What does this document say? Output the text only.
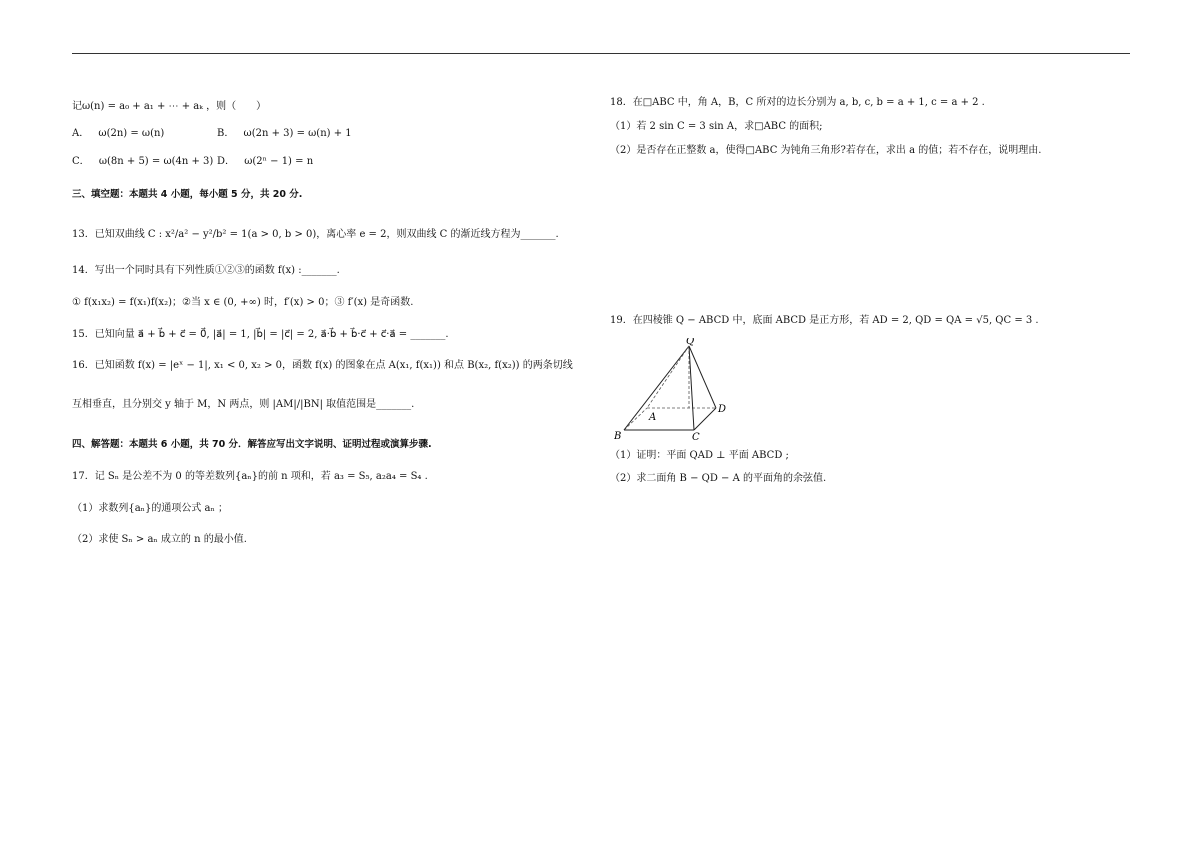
记ω(n) = a₀ + a₁ + ⋯ + aₖ ，则（　　）
A． ω(2n) = ω(n)	B． ω(2n + 3) = ω(n) + 1
C． ω(8n + 5) = ω(4n + 3) D． ω(2ⁿ − 1) = n
三、填空题：本题共 4 小题，每小题 5 分，共 20 分.
13．已知双曲线 C : x²/a² − y²/b² = 1(a > 0, b > 0)，离心率 e = 2，则双曲线 C 的渐近线方程为_______.
14．写出一个同时具有下列性质①②③的函数 f(x) :_______.
① f(x₁x₂) = f(x₁)f(x₂)；②当 x ∈ (0, +∞) 时，f′(x) > 0；③ f′(x) 是奇函数.
15．已知向量 a⃗ + b⃗ + c⃗ = 0⃗, |a⃗| = 1, |b⃗| = |c⃗| = 2, a⃗·b⃗ + b⃗·c⃗ + c⃗·a⃗ = _______.
16．已知函数 f(x) = |eˣ − 1|, x₁ < 0, x₂ > 0，函数 f(x) 的图象在点 A(x₁, f(x₁)) 和点 B(x₂, f(x₂)) 的两条切线
互相垂直，且分别交 y 轴于 M，N 两点，则 |AM|/|BN| 取值范围是_______.
四、解答题：本题共 6 小题，共 70 分．解答应写出文字说明、证明过程或演算步骤.
17．记 Sₙ 是公差不为 0 的等差数列{aₙ}的前 n 项和，若 a₃ = S₅, a₂a₄ = S₄ .
（1）求数列{aₙ}的通项公式 aₙ ；
（2）求使 Sₙ > aₙ 成立的 n 的最小值.
18．在□ABC 中，角 A，B，C 所对的边长分别为 a, b, c, b = a + 1, c = a + 2 .
（1）若 2 sin C = 3 sin A，求□ABC 的面积;
（2）是否存在正整数 a，使得□ABC 为钝角三角形?若存在，求出 a 的值；若不存在，说明理由.
19．在四棱锥 Q − ABCD 中，底面 ABCD 是正方形，若 AD = 2, QD = QA = √5, QC = 3 .
Q
A
B	C
D
（1）证明：平面 QAD ⊥ 平面 ABCD ;
（2）求二面角 B − QD − A 的平面角的余弦值.
